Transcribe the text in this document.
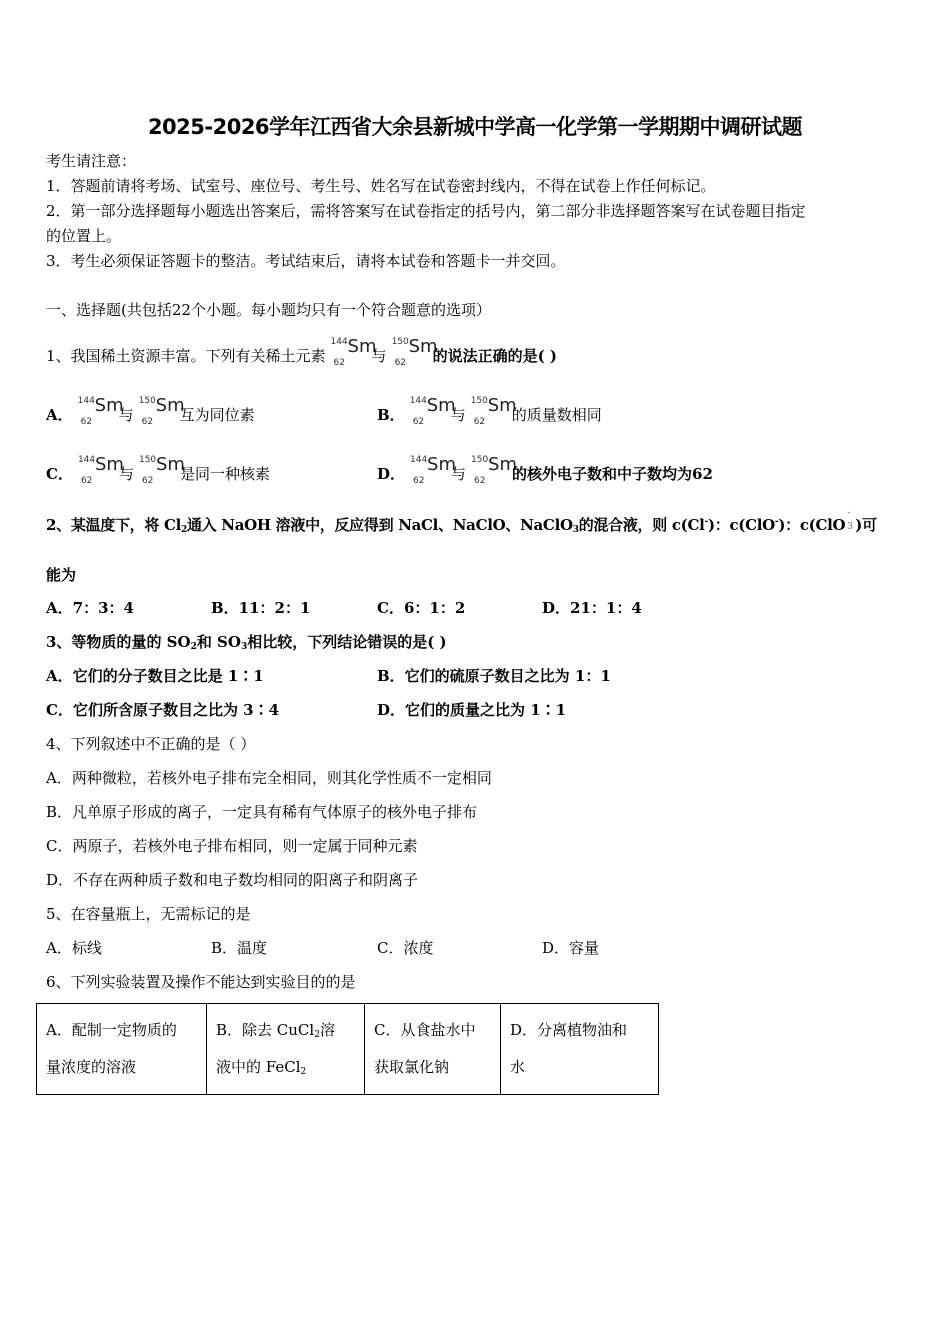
2025-2026学年江西省大余县新城中学高一化学第一学期期中调研试题
考生请注意：
1．答题前请将考场、试室号、座位号、考生号、姓名写在试卷密封线内，不得在试卷上作任何标记。
2．第一部分选择题每小题选出答案后，需将答案写在试卷指定的括号内，第二部分非选择题答案写在试卷题目指定
的位置上。
3．考生必须保证答题卡的整洁。考试结束后，请将本试卷和答题卡一并交回。
一、选择题(共包括22个小题。每小题均只有一个符合题意的选项）
1、我国稀土资源丰富。下列有关稀土元素
144
62
Sm
与
150
62
Sm
的说法正确的是( )
A．
144
62
Sm
与
150
62
Sm
互为同位素	B．
144
62
Sm
与
150
62
Sm
的质量数相同
C．
144
62
Sm
与
150
62
Sm
是同一种核素	D．
144
62
Sm
与
150
62
Sm
的核外电子数和中子数均为62
2、某温度下，将 $Cl_2$通入 NaOH 溶液中，反应得到 NaCl、NaClO、NaClO$_3$的混合液，则 c(Cl-)：c(ClO-)：c(ClO
-
3 )可
能为
A．7：3：4	B．11：2：1	C．6：1：2	D．21：1：4
3、等物质的量的 $SO_2$和 $SO_3$相比较，下列结论错误的是( )
A．它们的分子数目之比是 1∶1	B．它们的硫原子数目之比为 1：1
C．它们所含原子数目之比为 3∶4	D．它们的质量之比为 1∶1
4、下列叙述中不正确的是（ ）
A．两种微粒，若核外电子排布完全相同，则其化学性质不一定相同
B．凡单原子形成的离子，一定具有稀有气体原子的核外电子排布
C．两原子，若核外电子排布相同，则一定属于同种元素
D．不存在两种质子数和电子数均相同的阳离子和阴离子
5、在容量瓶上，无需标记的是
A．标线	B．温度	C．浓度	D．容量
6、下列实验装置及操作不能达到实验目的的是
A．配制一定物质的
量浓度的溶液

B．除去 CuCl$_2$溶
液中的 FeCl$_2$

C．从食盐水中
获取氯化钠

D．分离植物油和
水
